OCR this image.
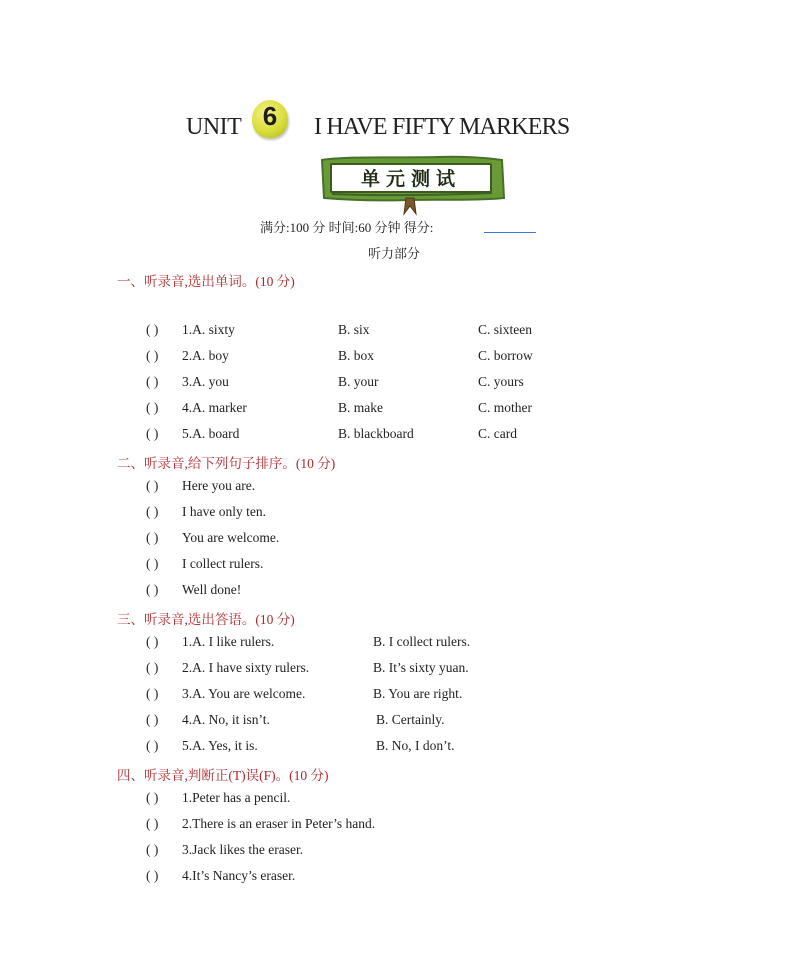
UNIT 6	I HAVE FIFTY MARKERS
单元测试
满分:100 分 时间:60 分钟 得分:
听力部分
一、听录音,选出单词。(10 分)
( ) 1.A. sixty	B. six	C. sixteen
( ) 2.A. boy	B. box	C. borrow
( ) 3.A. you	B. your	C. yours
( ) 4.A. marker	B. make	C. mother
( ) 5.A. board	B. blackboard	C. card
二、听录音,给下列句子排序。(10 分)
( ) Here you are.
( ) I have only ten.
( ) You are welcome.
( ) I collect rulers.
( ) Well done!
三、听录音,选出答语。(10 分)
( ) 1.A. I like rulers.	B. I collect rulers.
( ) 2.A. I have sixty rulers.	B. It’s sixty yuan.
( ) 3.A. You are welcome.	B. You are right.
( ) 4.A. No, it isn’t.	B. Certainly.
( ) 5.A. Yes, it is.	B. No, I don’t.
四、听录音,判断正(T)误(F)。(10 分)
( ) 1.Peter has a pencil.
( ) 2.There is an eraser in Peter’s hand.
( ) 3.Jack likes the eraser.
( ) 4.It’s Nancy’s eraser.
